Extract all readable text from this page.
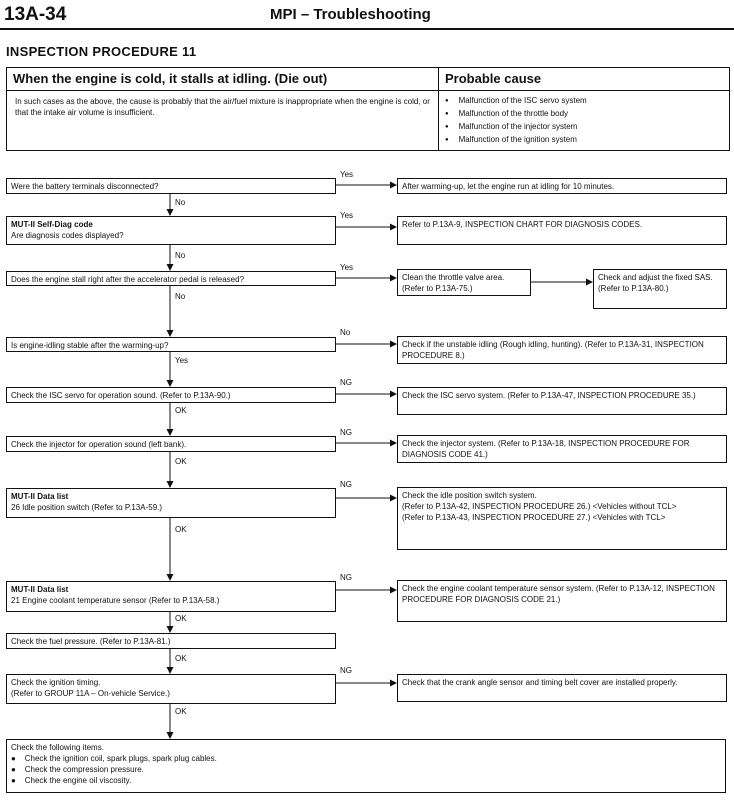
13A-34	MPI – Troubleshooting
INSPECTION PROCEDURE 11
When the engine is cold, it stalls at idling. (Die out)	Probable cause
In such cases as the above, the cause is probably that the air/fuel mixture is inappropriate when the engine is cold, or that the intake air volume is insufficient.
● Malfunction of the ISC servo system
● Malfunction of the throttle body
● Malfunction of the injector system
● Malfunction of the ignition system
Were the battery terminals disconnected?
MUT-II Self-Diag code
Are diagnosis codes displayed?
Does the engine stall right after the accelerator pedal is released?
Is engine-idling stable after the warming-up?
Check the ISC servo for operation sound. (Refer to P.13A-90.)
Check the injector for operation sound (left bank).
MUT-II Data list
26 Idle position switch (Refer to P.13A-59.)
MUT-II Data list
21 Engine coolant temperature sensor (Refer to P.13A-58.)
Check the fuel pressure. (Refer to P.13A-81.)
Check the ignition timing.
(Refer to GROUP 11A – On-vehicle Service.)
Check the following items.
●    Check the ignition coil, spark plugs, spark plug cables.
●    Check the compression pressure.
●    Check the engine oil viscosity.
After warming-up, let the engine run at idling for 10 minutes.
Refer to P.13A-9, INSPECTION CHART FOR DIAGNOSIS CODES.
Clean the throttle valve area. (Refer to P.13A-75.)
Check and adjust the fixed SAS. (Refer to P.13A-80.)
Check if the unstable idling (Rough idling, hunting). (Refer to P.13A-31, INSPECTION PROCEDURE 8.)
Check the ISC servo system. (Refer to P.13A-47, INSPECTION PROCEDURE 35.)
Check the injector system. (Refer to P.13A-18, INSPECTION PROCEDURE FOR DIAGNOSIS CODE 41.)
Check the idle position switch system.
(Refer to P.13A-42, INSPECTION PROCEDURE 26.) <Vehicles without TCL>
(Refer to P.13A-43, INSPECTION PROCEDURE 27.) <Vehicles with TCL>
Check the engine coolant temperature sensor system. (Refer to P.13A-12, INSPECTION PROCEDURE FOR DIAGNOSIS CODE 21.)
Check that the crank angle sensor and timing belt cover are installed properly.
Yes
No
Yes
No
Yes
No
No
Yes
NG
OK
NG
OK
NG
OK
NG
OK
OK
NG
OK
